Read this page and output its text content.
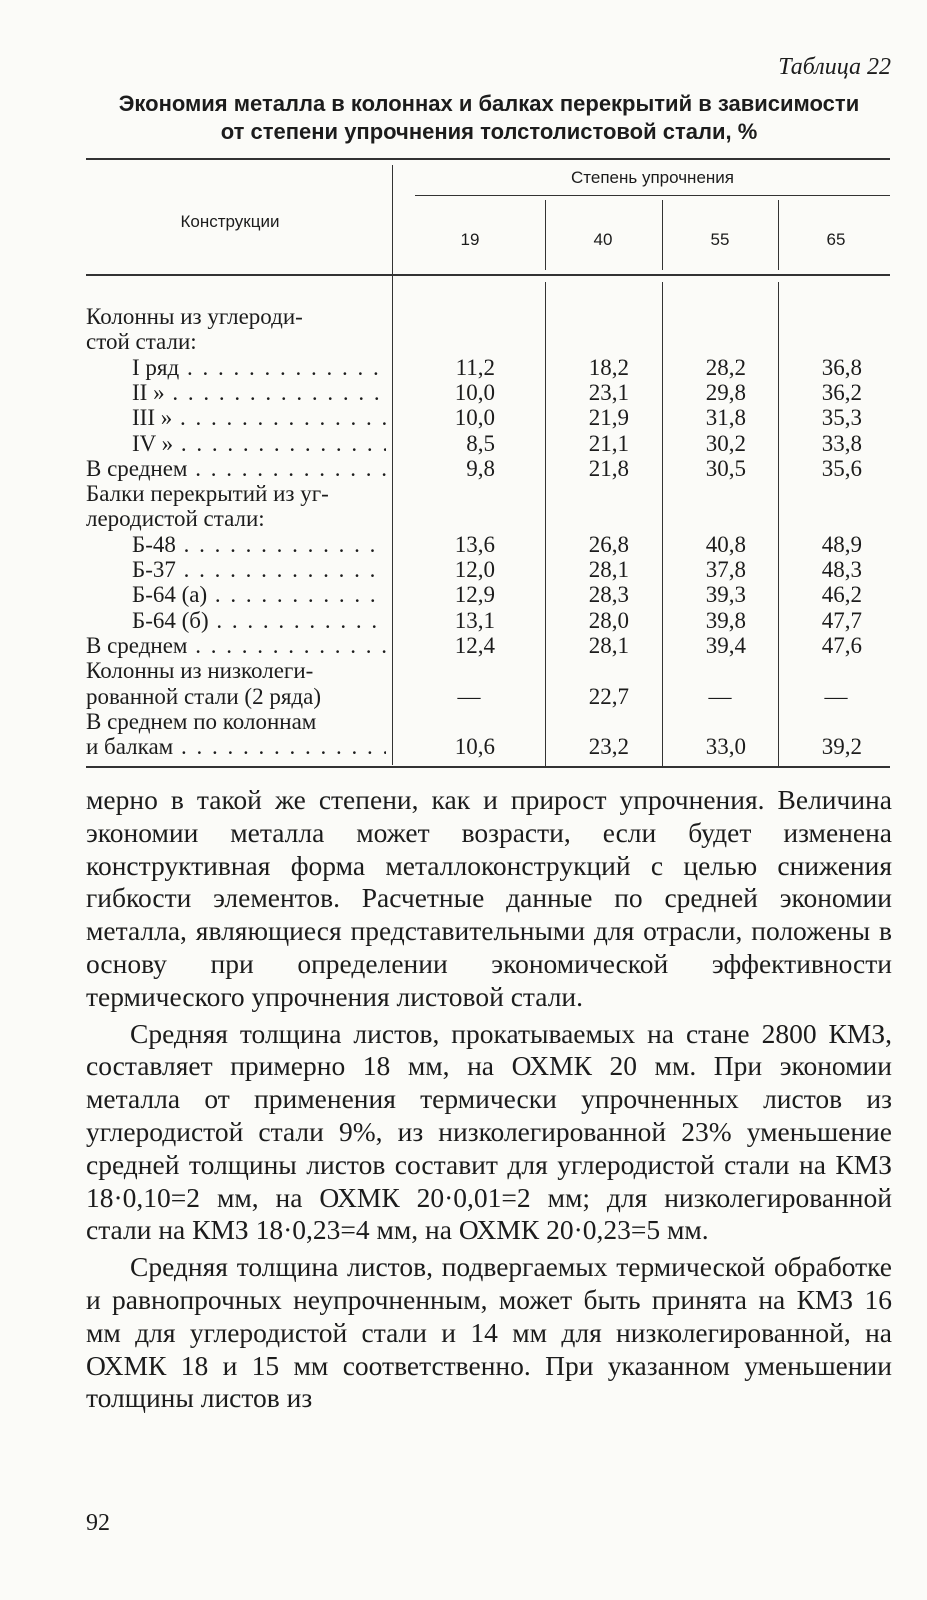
Таблица 22
Экономия металла в колоннах и балках перекрытий в зависимости
от степени упрочнения толстолистовой стали, %
Конструкции
Степень упрочнения
19	40	55	65
Колонны из углероди-
стой стали:
I ряд . . .	11,2	18,2	28,2	36,8
II » . . .	10,0	23,1	29,8	36,2
III » . . .	10,0	21,9	31,8	35,3
IV » . . .	8,5	21,1	30,2	33,8
В среднем . . .	9,8	21,8	30,5	35,6
Балки перекрытий из уг-
леродистой стали:
Б-48 . . .	13,6	26,8	40,8	48,9
Б-37 . . .	12,0	28,1	37,8	48,3
Б-64 (а) . . .	12,9	28,3	39,3	46,2
Б-64 (б) . . .	13,1	28,0	39,8	47,7
В среднем . . .	12,4	28,1	39,4	47,6
Колонны из низколеги-
рованной стали (2 ряда)	—	22,7	—	—
В среднем по колоннам
и балкам . . .	10,6	23,2	33,0	39,2

мерно в такой же степени, как и прирост упрочнения. Величина экономии металла может возрасти, если будет изменена конструктивная форма металлоконструкций с целью снижения гибкости элементов. Расчетные данные по средней экономии металла, являющиеся представительными для отрасли, положены в основу при определении экономической эффективности термического упрочнения листовой стали.

Средняя толщина листов, прокатываемых на стане 2800 КМЗ, составляет примерно 18 мм, на ОХМК 20 мм. При экономии металла от применения термически упрочненных листов из углеродистой стали 9%, из низколегированной 23% уменьшение средней толщины листов составит для углеродистой стали на КМЗ 18·0,10=2 мм, на ОХМК 20·0,01=2 мм; для низколегированной стали на КМЗ 18·0,23=4 мм, на ОХМК 20·0,23=5 мм.

Средняя толщина листов, подвергаемых термической обработке и равнопрочных неупрочненным, может быть принята на КМЗ 16 мм для углеродистой стали и 14 мм для низколегированной, на ОХМК 18 и 15 мм соответственно. При указанном уменьшении толщины листов из

92
